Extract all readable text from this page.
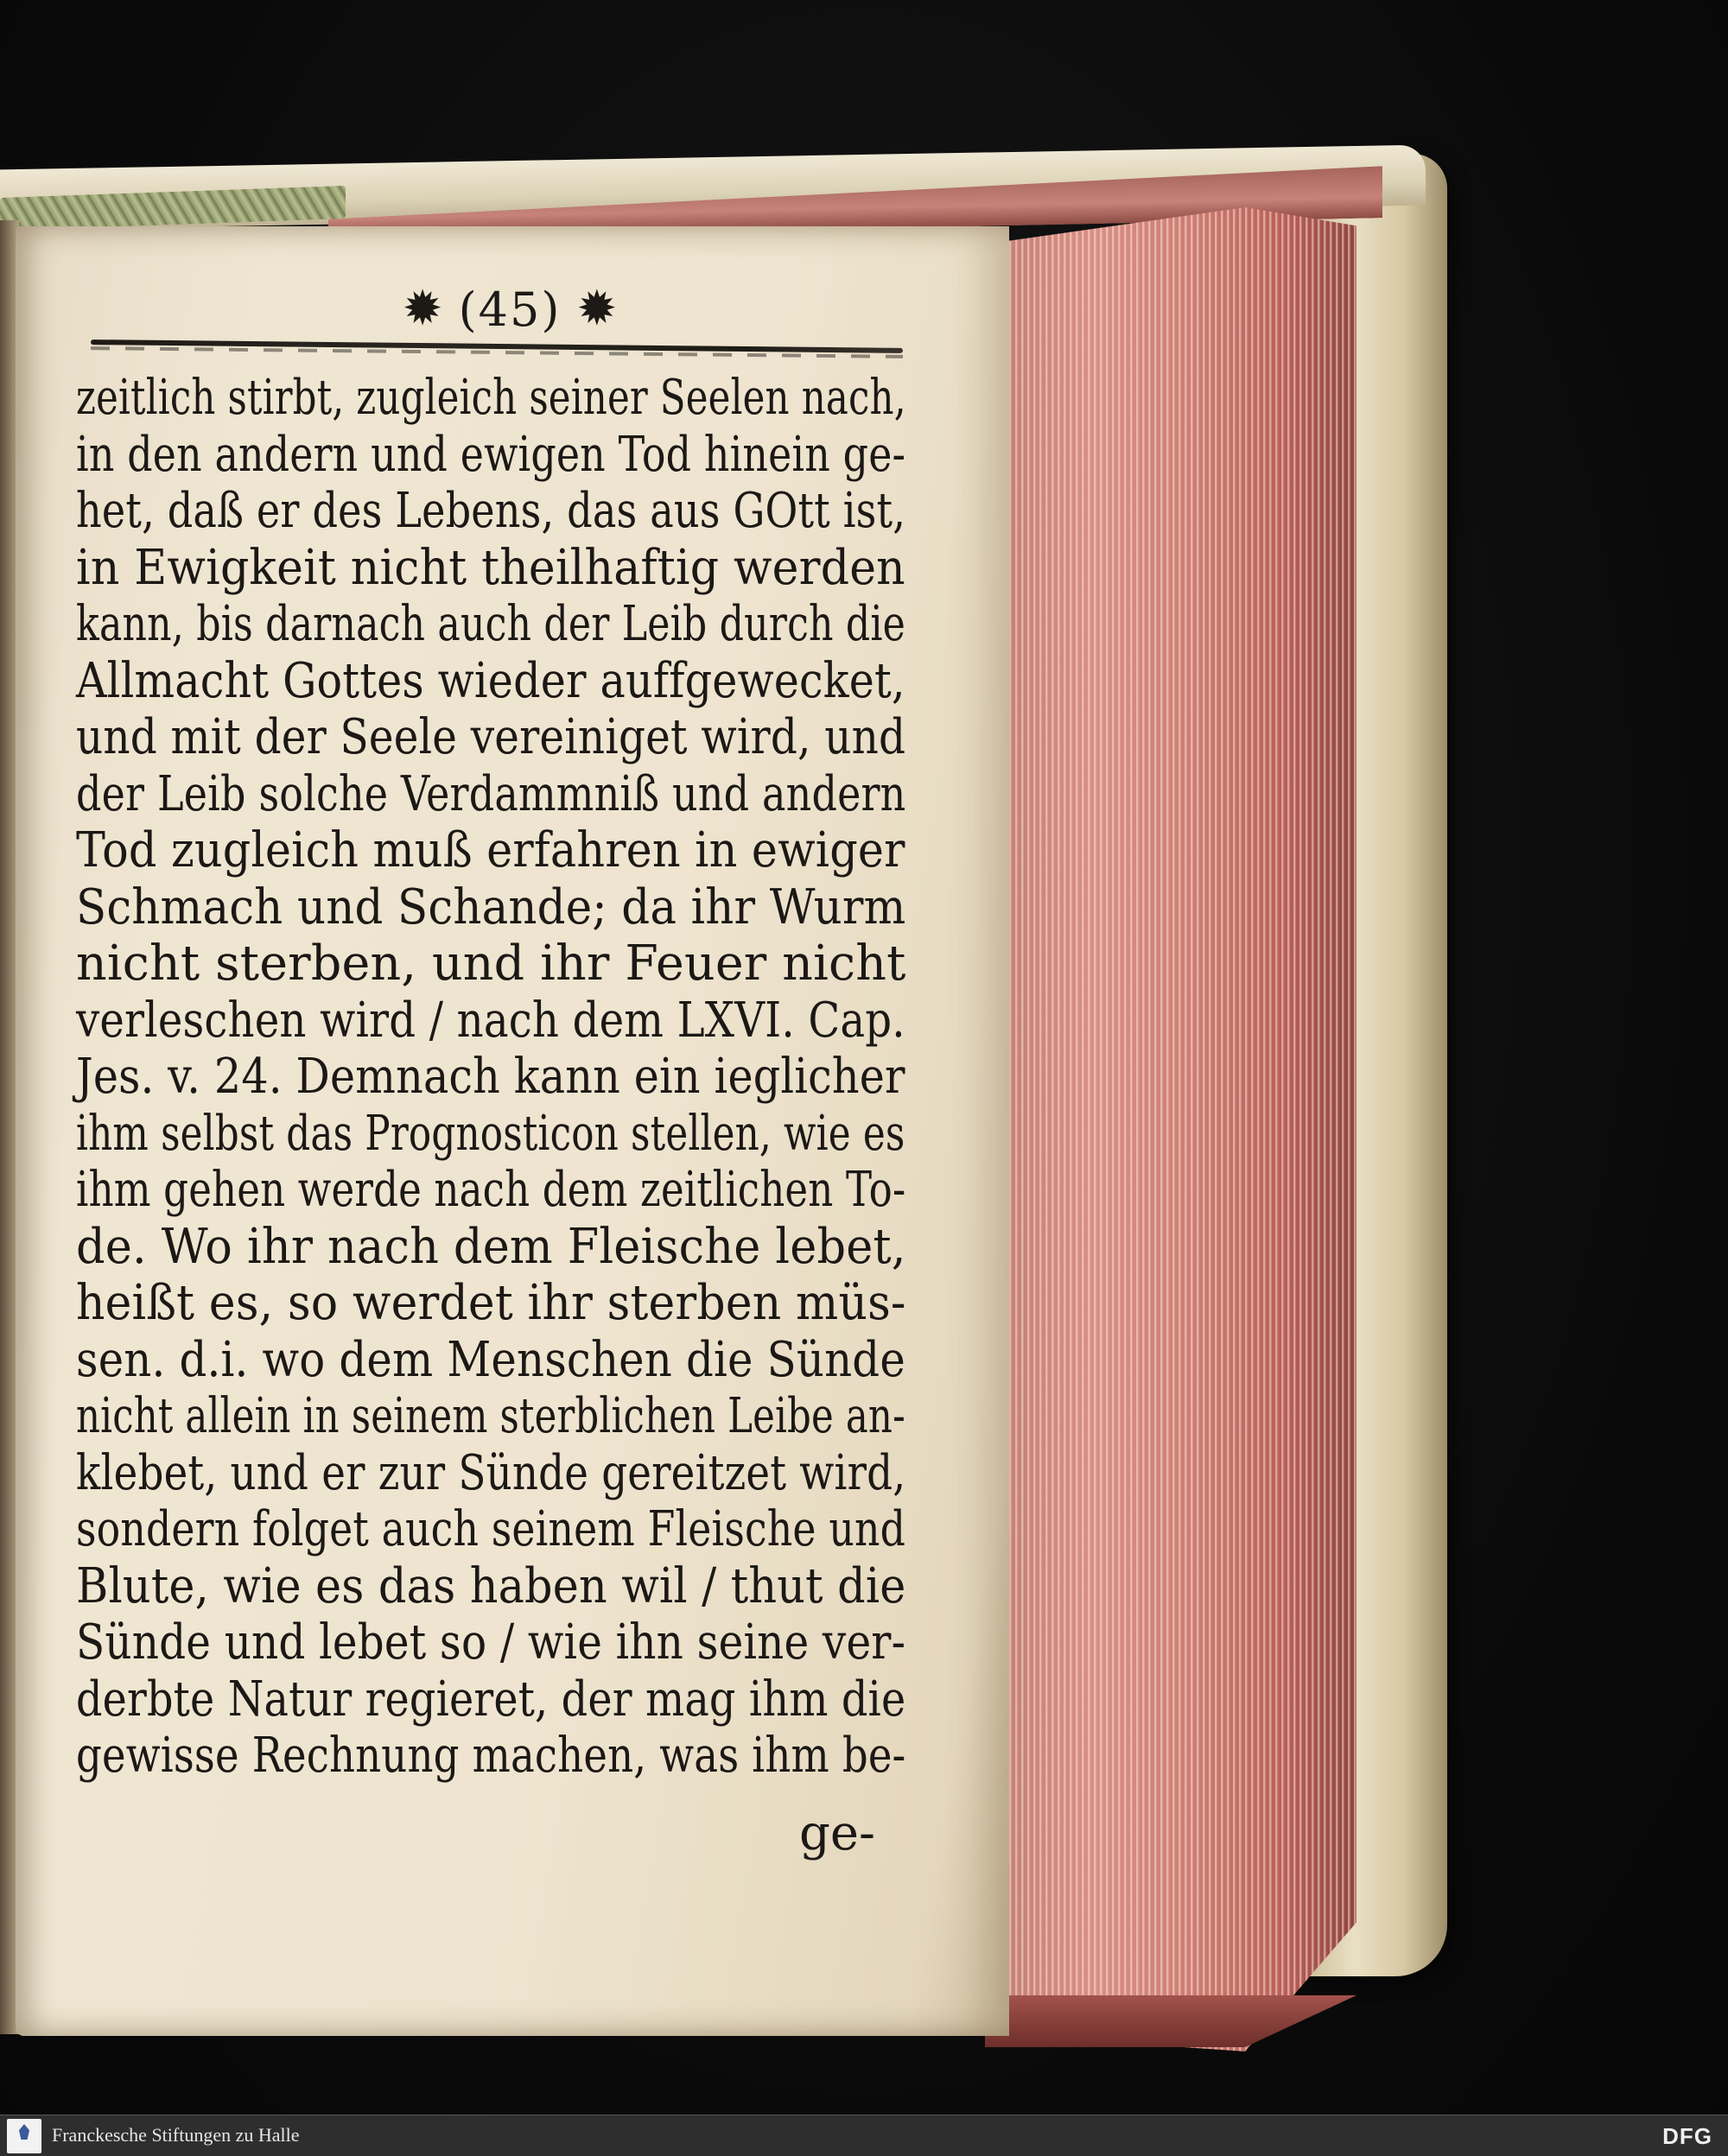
✹ (45) ✹
zeitlich stirbt, zugleich seiner Seelen nach,
in den andern und ewigen Tod hinein ge-
het, daß er des Lebens, das aus GOtt ist,
in Ewigkeit nicht theilhaftig werden
kann, bis darnach auch der Leib durch die
Allmacht Gottes wieder auffgewecket,
und mit der Seele vereiniget wird, und
der Leib solche Verdammniß und andern
Tod zugleich muß erfahren in ewiger
Schmach und Schande; da ihr Wurm
nicht sterben, und ihr Feuer nicht
verleschen wird / nach dem LXVI. Cap.
Jes. v. 24. Demnach kann ein ieglicher
ihm selbst das Prognosticon stellen, wie es
ihm gehen werde nach dem zeitlichen To-
de. Wo ihr nach dem Fleische lebet,
heißt es, so werdet ihr sterben müs-
sen. d.i. wo dem Menschen die Sünde
nicht allein in seinem sterblichen Leibe an-
klebet, und er zur Sünde gereitzet wird,
sondern folget auch seinem Fleische und
Blute, wie es das haben wil / thut die
Sünde und lebet so / wie ihn seine ver-
derbte Natur regieret, der mag ihm die
gewisse Rechnung machen, was ihm be-
ge-
Franckesche Stiftungen zu Halle	DFG
